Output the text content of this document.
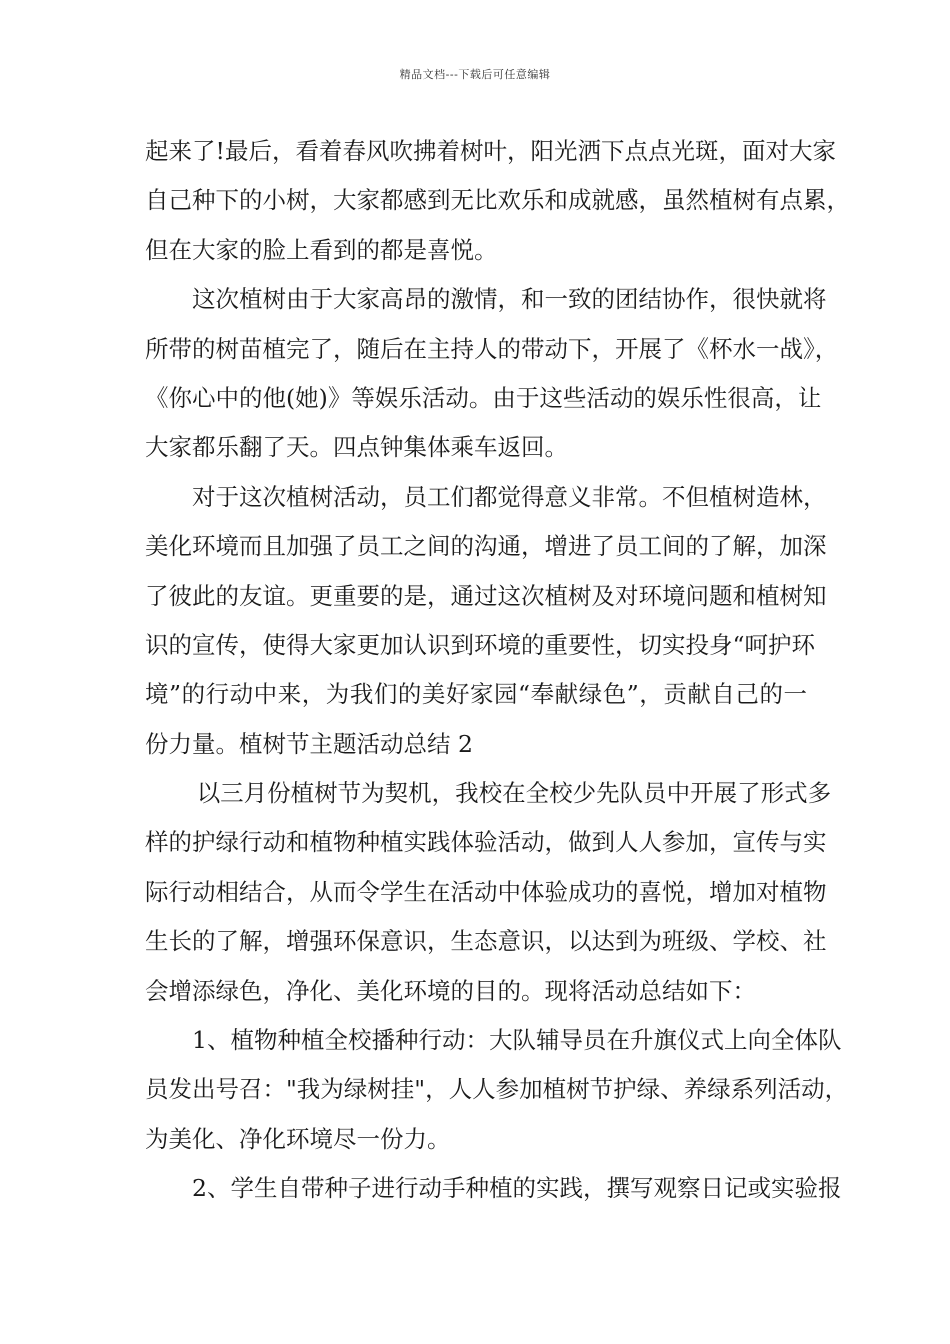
精品文档---下载后可任意编辑
起来了!最后，看着春风吹拂着树叶，阳光洒下点点光斑，面对大家
自己种下的小树，大家都感到无比欢乐和成就感，虽然植树有点累，
但在大家的脸上看到的都是喜悦。
这次植树由于大家高昂的激情，和一致的团结协作，很快就将
所带的树苗植完了，随后在主持人的带动下，开展了《杯水一战》，
《你心中的他(她)》等娱乐活动。由于这些活动的娱乐性很高，让
大家都乐翻了天。四点钟集体乘车返回。
对于这次植树活动，员工们都觉得意义非常。不但植树造林，
美化环境而且加强了员工之间的沟通，增进了员工间的了解，加深
了彼此的友谊。更重要的是，通过这次植树及对环境问题和植树知
识的宣传，使得大家更加认识到环境的重要性，切实投身“呵护环
境”的行动中来，为我们的美好家园“奉献绿色”，贡献自己的一
份力量。植树节主题活动总结 2
以三月份植树节为契机，我校在全校少先队员中开展了形式多
样的护绿行动和植物种植实践体验活动，做到人人参加，宣传与实
际行动相结合，从而令学生在活动中体验成功的喜悦，增加对植物
生长的了解，增强环保意识，生态意识，以达到为班级、学校、社
会增添绿色，净化、美化环境的目的。现将活动总结如下：
1、植物种植全校播种行动：大队辅导员在升旗仪式上向全体队
员发出号召："我为绿树挂"，人人参加植树节护绿、养绿系列活动，
为美化、净化环境尽一份力。
2、学生自带种子进行动手种植的实践，撰写观察日记或实验报
